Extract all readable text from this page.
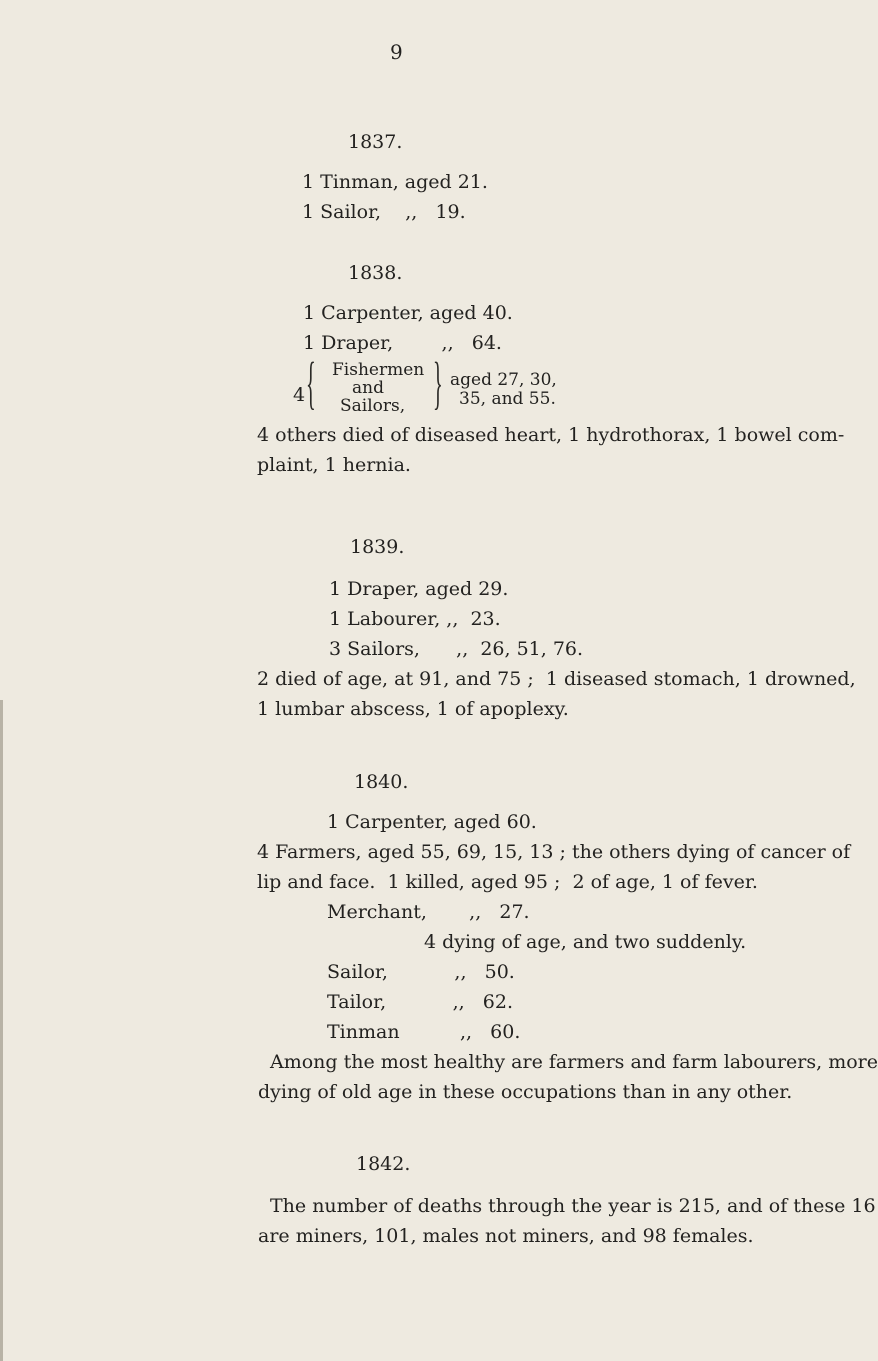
9
1837.
1 Tinman, aged 21.
1 Sailor,    ,,   19.
1838.
1 Carpenter, aged 40.
1 Draper,        ,,   64.
4 { Fishermen
and
Sailors, } aged 27, 30,
35, and 55.
4 others died of diseased heart, 1 hydrothorax, 1 bowel com-
plaint, 1 hernia.
1839.
1 Draper, aged 29.
1 Labourer, ,,  23.
3 Sailors,      ,,  26, 51, 76.
2 died of age, at 91, and 75 ;  1 diseased stomach, 1 drowned,
1 lumbar abscess, 1 of apoplexy.
1840.
1 Carpenter, aged 60.
4 Farmers, aged 55, 69, 15, 13 ; the others dying of cancer of
lip and face.  1 killed, aged 95 ;  2 of age, 1 of fever.
Merchant,       ,,   27.
4 dying of age, and two suddenly.
Sailor,           ,,   50.
Tailor,           ,,   62.
Tinman          ,,   60.
Among the most healthy are farmers and farm labourers, more
dying of old age in these occupations than in any other.
1842.
The number of deaths through the year is 215, and of these 16
are miners, 101, males not miners, and 98 females.
